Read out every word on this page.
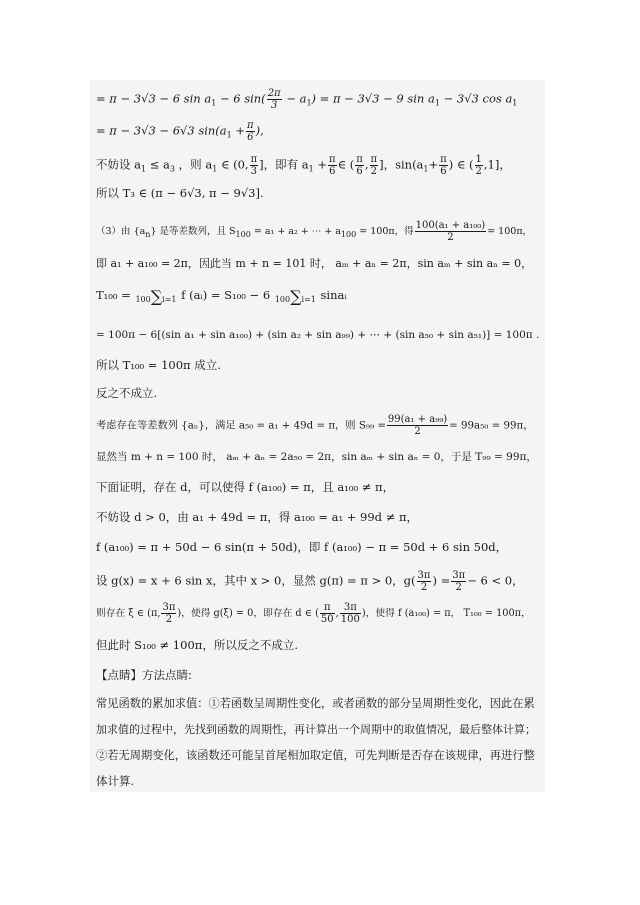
= π − 3√3 − 6 $\sin a_1 - 6$ $\sin( \frac{2\pi}{3} - a_1) = \pi - 3√3 - 9$ $\sin a_1 - 3√3$ $\cos a_1$
= π − 3√3 − 6√3 $\sin(a_1 + \frac{\pi}{6}$ ),
不妨设 $a_1 \le a_3$ ，则 $a_1$ ∈ (0, $\frac{\pi}{3}$ ]，即有 $a_1 + \frac{\pi}{6}$ ∈ ( $\frac{\pi}{6}$ , $\frac{\pi}{2}$ ]，$\sin(a_1+ \frac{\pi}{6}$ ) ∈ ( $\frac{1}{2} ,1$]，
所以 T₃ ∈ (π − 6√3, π − 9√3].
（3）由 $\{a_n\}$ 是等差数列，且 $S_{100} = a_1 + a_2$ + ⋯ + $a_{100} = 100\pi$，得 $\frac{\text{100(a₁ + a₁₀₀)}}{2} = 100\pi$，
即 a₁ + a₁₀₀ = 2π，因此当 m + n = 101 时， aₘ + aₙ = 2π，sin aₘ + sin aₙ = 0，
T₁₀₀ = 100∑i=1 f (aᵢ) = S₁₀₀ − 6 100∑i=1 sinaᵢ
= 100π − 6[(sin a₁ + sin a₁₀₀) + (sin a₂ + sin a₉₉) + ⋯ + (sin a₅₀ + sin a₅₁)] = 100π .
所以 T₁₀₀ = 100π 成立.
反之不成立.
考虑存在等差数列 {aₙ}，满足 a₅₀ = a₁ + 49d = π，则 $S_{99} = \frac{\text{99(a₁ + a₉₉)}}{2} = 99a_{50} = 99\pi$，
显然当 m + n = 100 时， aₘ + aₙ = 2a₅₀ = 2π，sin aₘ + sin aₙ = 0，于是 T₉₉ = 99π，
下面证明，存在 d，可以使得 f (a₁₀₀) = π，且 a₁₀₀ ≠ π，
不妨设 d > 0，由 a₁ + 49d = π，得 a₁₀₀ = a₁ + 99d ≠ π，
f (a₁₀₀) = π + 50d − 6 sin(π + 50d)，即 f (a₁₀₀) − π = 50d + 6 sin 50d，
设 g(x) = x + 6 sin x，其中 x > 0，显然 g(π) = π > 0，$g( \frac{3\pi}{2}$ ) = $\frac{3\pi}{2} - 6 < 0$，
则存在 ξ ∈ (π, $\frac{3\pi}{2}$ )，使得 g(ξ) = 0，即存在 d ∈ ( $\frac{\pi}{50}$ , $\frac{3\pi}{100}$ )，使得 f (a₁₀₀) = π， T₁₀₀ = 100π，
但此时 S₁₀₀ ≠ 100π，所以反之不成立.
【点睛】方法点睛:
常见函数的累加求值：①若函数呈周期性变化，或者函数的部分呈周期性变化，因此在累
加求值的过程中，先找到函数的周期性，再计算出一个周期中的取值情况，最后整体计算；
②若无周期变化，该函数还可能呈首尾相加取定值，可先判断是否存在该规律，再进行整
体计算.
